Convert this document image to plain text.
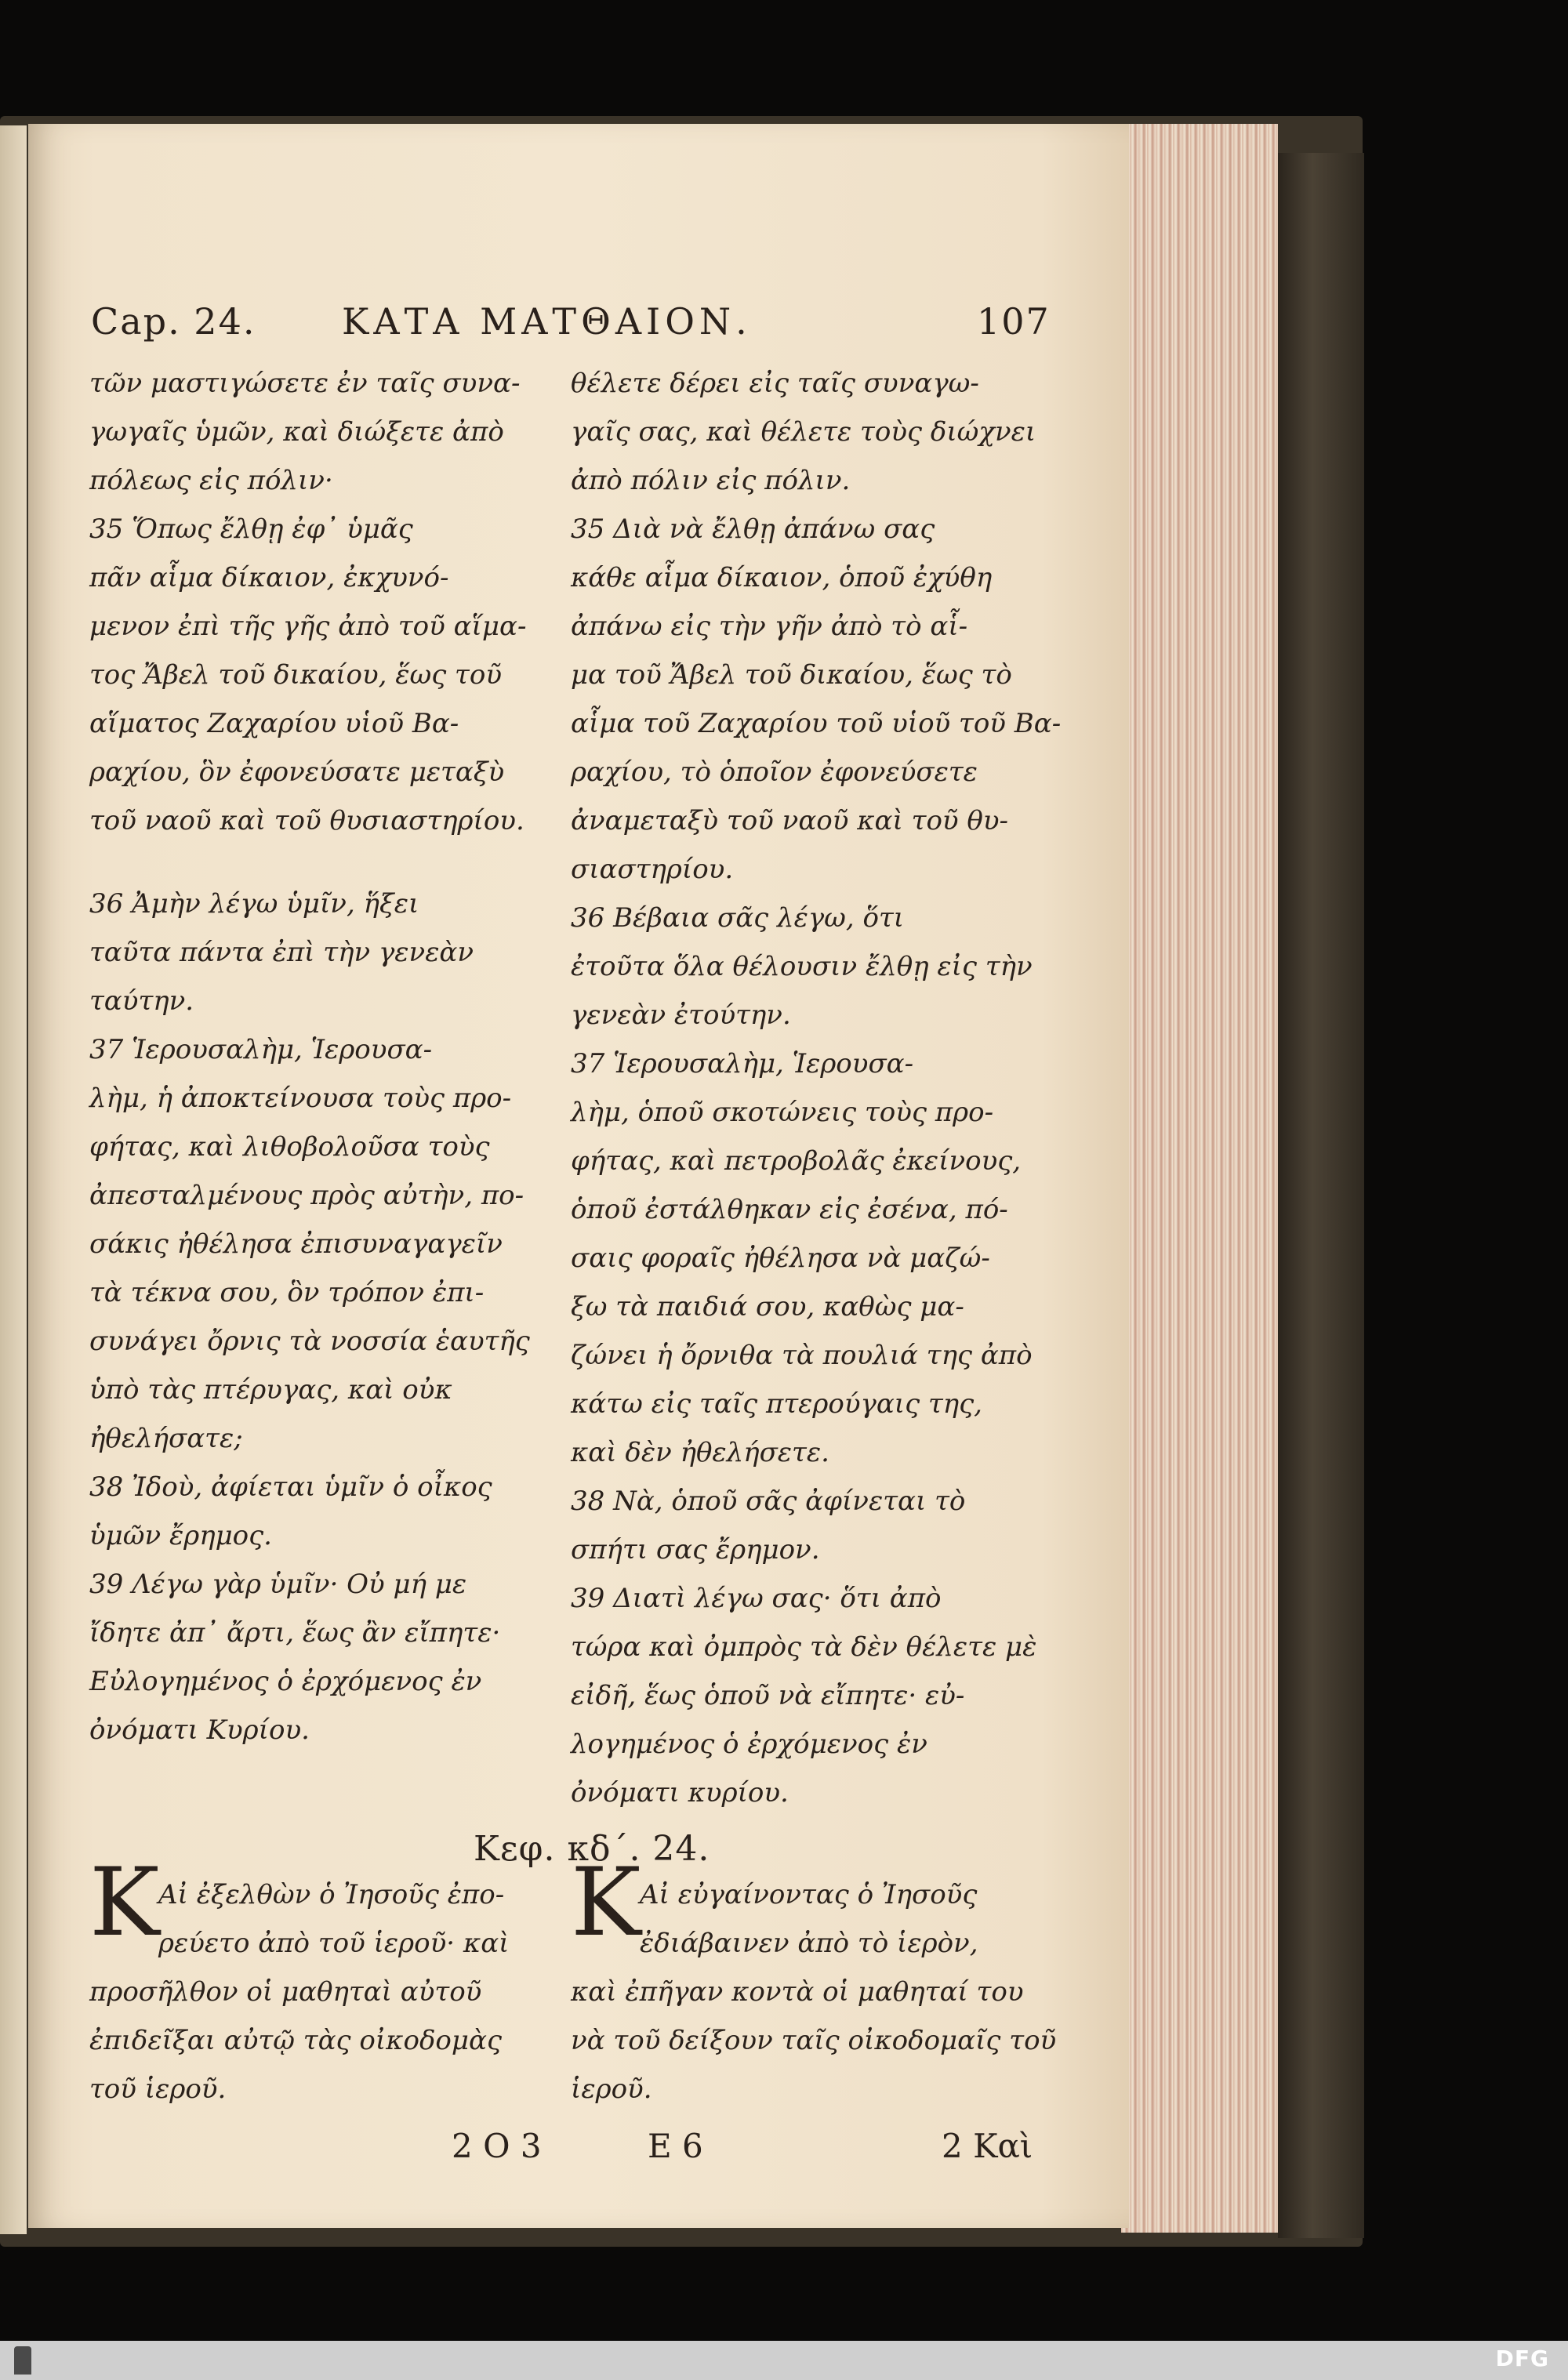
Cap. 24. ΚΑΤΑ ΜΑΤΘΑΙΟΝ.	107
τῶν μαστιγώσετε ἐν ταῖς συνα-
γωγαῖς ὑμῶν, καὶ διώξετε ἀπὸ
πόλεως εἰς πόλιν·
35 Ὅπως ἔλθῃ ἐφ᾽ ὑμᾶς
πᾶν αἷμα δίκαιον, ἐκχυνό-
μενον ἐπὶ τῆς γῆς ἀπὸ τοῦ αἵμα-
τος Ἄβελ τοῦ δικαίου, ἕως τοῦ
αἵματος Ζαχαρίου υἱοῦ Βα-
ραχίου, ὃν ἐφονεύσατε μεταξὺ
τοῦ ναοῦ καὶ τοῦ θυσιαστηρίου.
36 Ἀμὴν λέγω ὑμῖν, ἥξει
ταῦτα πάντα ἐπὶ τὴν γενεὰν
ταύτην.
37 Ἱερουσαλὴμ, Ἱερουσα-
λὴμ, ἡ ἀποκτείνουσα τοὺς προ-
φήτας, καὶ λιθοβολοῦσα τοὺς
ἀπεσταλμένους πρὸς αὐτὴν, πο-
σάκις ἠθέλησα ἐπισυναγαγεῖν
τὰ τέκνα σου, ὃν τρόπον ἐπι-
συνάγει ὄρνις τὰ νοσσία ἑαυτῆς
ὑπὸ τὰς πτέρυγας, καὶ οὐκ
ἠθελήσατε;
38 Ἰδοὺ, ἀφίεται ὑμῖν ὁ οἶκος
ὑμῶν ἔρημος.
39 Λέγω γὰρ ὑμῖν· Οὐ μή με
ἴδητε ἀπ᾽ ἄρτι, ἕως ἂν εἴπητε·
Εὐλογημένος ὁ ἐρχόμενος ἐν
ὀνόματι Κυρίου.
θέλετε δέρει εἰς ταῖς συναγω-
γαῖς σας, καὶ θέλετε τοὺς διώχνει
ἀπὸ πόλιν εἰς πόλιν.
35 Διὰ νὰ ἔλθῃ ἀπάνω σας
κάθε αἷμα δίκαιον, ὁποῦ ἐχύθη
ἀπάνω εἰς τὴν γῆν ἀπὸ τὸ αἷ-
μα τοῦ Ἄβελ τοῦ δικαίου, ἕως τὸ
αἷμα τοῦ Ζαχαρίου τοῦ υἱοῦ τοῦ Βα-
ραχίου, τὸ ὁποῖον ἐφονεύσετε
ἀναμεταξὺ τοῦ ναοῦ καὶ τοῦ θυ-
σιαστηρίου.
36 Βέβαια σᾶς λέγω, ὅτι
ἐτοῦτα ὅλα θέλουσιν ἔλθῃ εἰς τὴν
γενεὰν ἐτούτην.
37 Ἱερουσαλὴμ, Ἱερουσα-
λὴμ, ὁποῦ σκοτώνεις τοὺς προ-
φήτας, καὶ πετροβολᾶς ἐκείνους,
ὁποῦ ἐστάλθηκαν εἰς ἐσένα, πό-
σαις φοραῖς ἠθέλησα νὰ μαζώ-
ξω τὰ παιδιά σου, καθὼς μα-
ζώνει ἡ ὄρνιθα τὰ πουλιά της ἀπὸ
κάτω εἰς ταῖς πτερούγαις της,
καὶ δὲν ἠθελήσετε.
38 Νὰ, ὁποῦ σᾶς ἀφίνεται τὸ
σπήτι σας ἔρημον.
39 Διατὶ λέγω σας· ὅτι ἀπὸ
τώρα καὶ ὀμπρὸς τὰ δὲν θέλετε μὲ
εἰδῆ, ἕως ὁποῦ νὰ εἴπητε· εὐ-
λογημένος ὁ ἐρχόμενος ἐν
ὀνόματι κυρίου.
Κεφ. κδ΄. 24.
Κ
Αἰ ἐξελθὼν ὁ Ἰησοῦς ἐπο-
ρεύετο ἀπὸ τοῦ ἱεροῦ· καὶ
προσῆλθον οἱ μαθηταὶ αὐτοῦ
ἐπιδεῖξαι αὐτῷ τὰς οἰκοδομὰς
τοῦ ἱεροῦ.
Κ
Αἰ εὐγαίνοντας ὁ Ἰησοῦς
ἐδιάβαινεν ἀπὸ τὸ ἱερὸν,
καὶ ἐπῆγαν κοντὰ οἱ μαθηταί του
νὰ τοῦ δείξουν ταῖς οἰκοδομαῖς τοῦ
ἱεροῦ.
2 Ο 3	E 6	2 Καὶ
DFG
